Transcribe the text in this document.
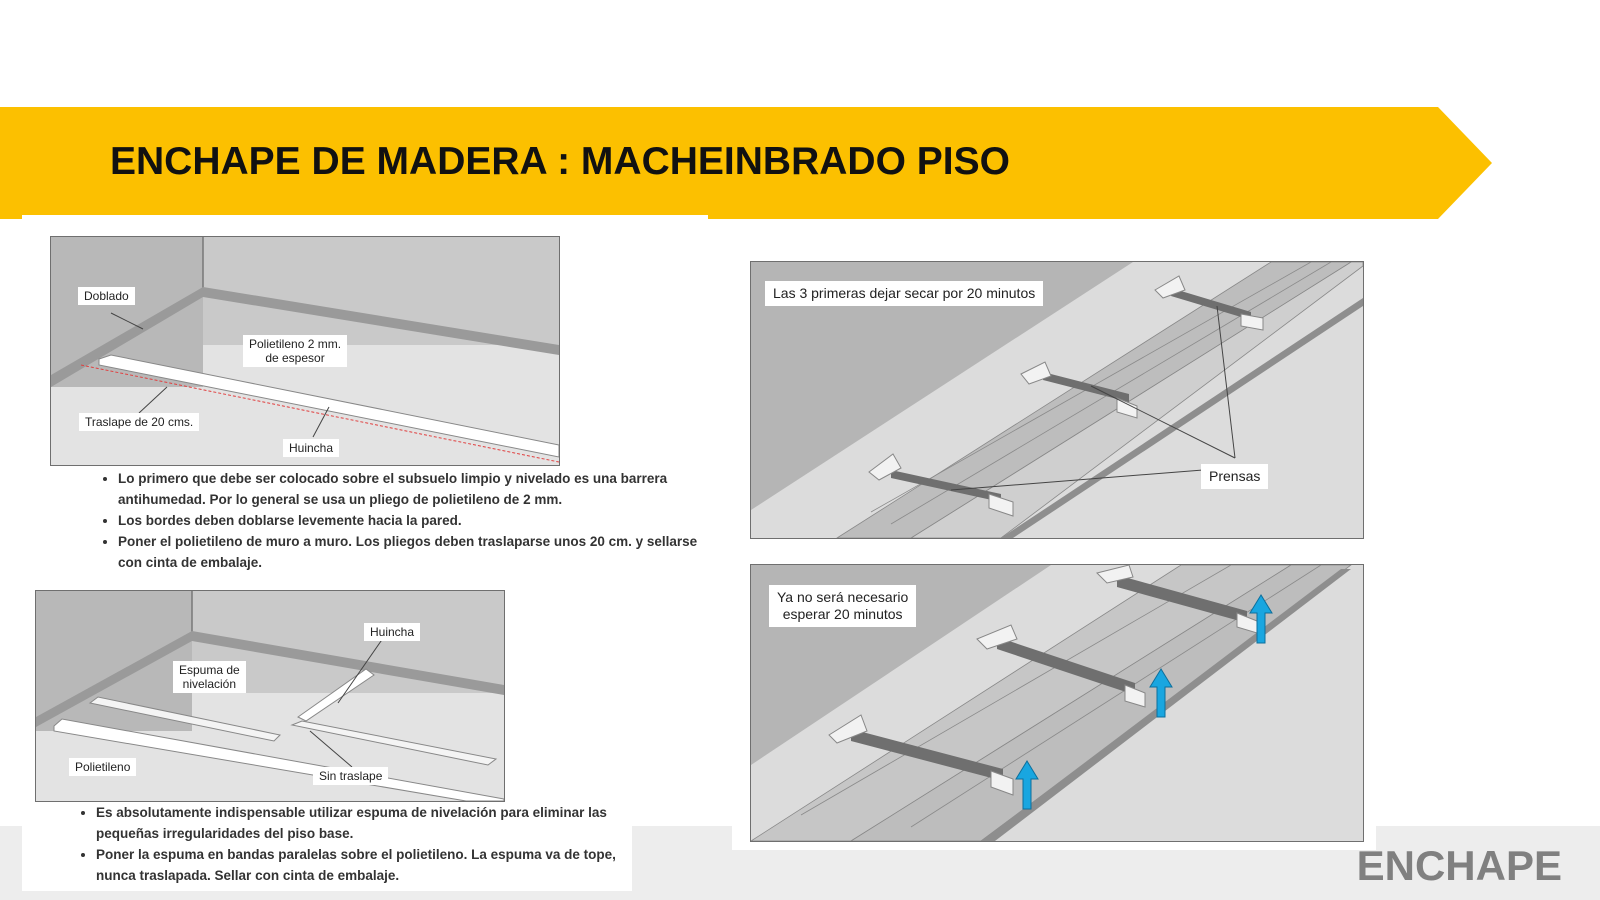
ENCHAPE DE MADERA : MACHEINBRADO PISO
Doblado
Polietileno 2 mm.
de espesor
Traslape de 20 cms.
Huincha
• Lo primero que debe ser colocado sobre el subsuelo limpio y nivelado es una barrera antihumedad. Por lo general se usa un pliego de polietileno de 2 mm.
• Los bordes deben doblarse levemente hacia la pared.
• Poner el polietileno de muro a muro. Los pliegos deben traslaparse unos 20 cm. y sellarse con cinta de embalaje.
Huincha
Espuma de
nivelación
Polietileno
Sin traslape
• Es absolutamente indispensable utilizar espuma de nivelación para eliminar las pequeñas irregularidades del piso base.
• Poner la espuma en bandas paralelas sobre el polietileno. La espuma va de tope, nunca traslapada. Sellar con cinta de embalaje.
Las 3 primeras dejar secar por 20 minutos
Prensas
Ya no será necesario
esperar 20 minutos
ENCHAPE
